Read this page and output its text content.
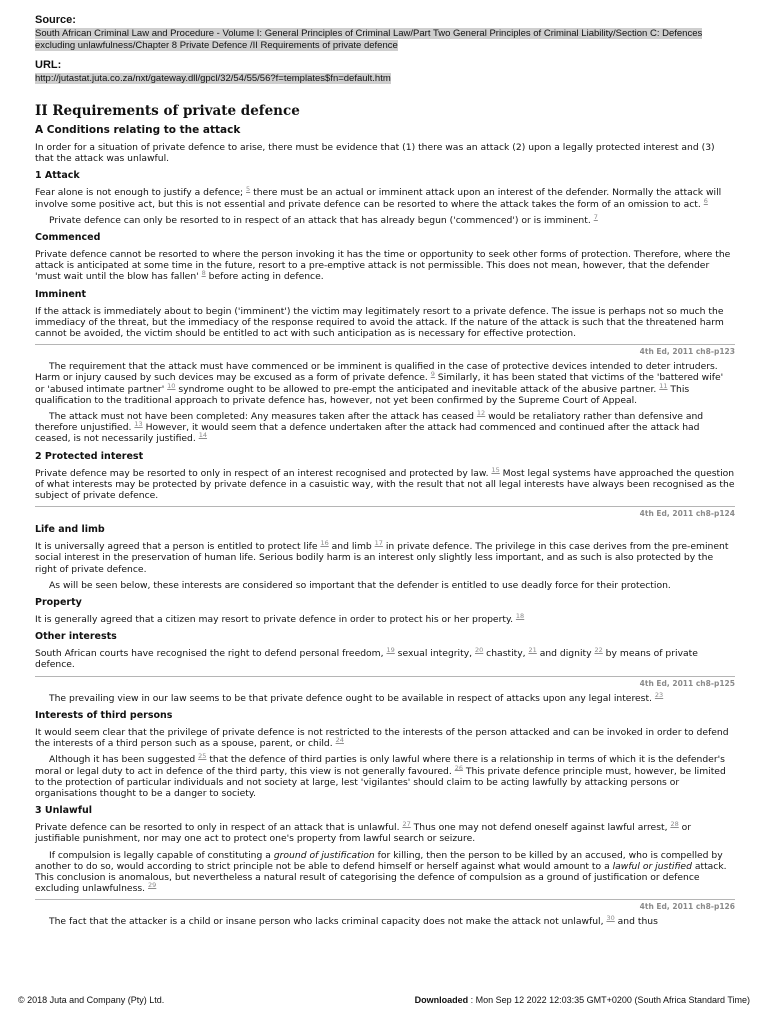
Source:
South African Criminal Law and Procedure - Volume I: General Principles of Criminal Law/Part Two General Principles of Criminal Liability/Section C: Defences
excluding unlawfulness/Chapter 8 Private Defence /II Requirements of private defence
URL:
http://jutastat.juta.co.za/nxt/gateway.dll/gpcl/32/54/55/56?f=templates$fn=default.htm
II Requirements of private defence
A Conditions relating to the attack

In order for a situation of private defence to arise, there must be evidence that (1) there was an attack (2) upon a legally protected interest and (3) that the attack was unlawful.

1 Attack

Fear alone is not enough to justify a defence; $^5$ there must be an actual or imminent attack upon an interest of the defender. Normally the attack will involve some positive act, but this is not essential and private defence can be resorted to where the attack takes the form of an omission to act. $^6$

Private defence can only be resorted to in respect of an attack that has already begun ('commenced') or is imminent. $^7$

Commenced

Private defence cannot be resorted to where the person invoking it has the time or opportunity to seek other forms of protection. Therefore, where the attack is anticipated at some time in the future, resort to a pre-emptive attack is not permissible. This does not mean, however, that the defender 'must wait until the blow has fallen' $^8$ before acting in defence.

Imminent

If the attack is immediately about to begin ('imminent') the victim may legitimately resort to a private defence. The issue is perhaps not so much the immediacy of the threat, but the immediacy of the response required to avoid the attack. If the nature of the attack is such that the threatened harm cannot be avoided, the victim should be entitled to act with such anticipation as is necessary for effective protection.

4th Ed, 2011 ch8-p123

The requirement that the attack must have commenced or be imminent is qualified in the case of protective devices intended to deter intruders. Harm or injury caused by such devices may be excused as a form of private defence. $^9$ Similarly, it has been stated that victims of the 'battered wife' or 'abused intimate partner' $^{10}$ syndrome ought to be allowed to pre-empt the anticipated and inevitable attack of the abusive partner. $^{11}$ This qualification to the traditional approach to private defence has, however, not yet been confirmed by the Supreme Court of Appeal.

The attack must not have been completed: Any measures taken after the attack has ceased $^{12}$ would be retaliatory rather than defensive and therefore unjustified. $^{13}$ However, it would seem that a defence undertaken after the attack had commenced and continued after the attack had ceased, is not necessarily justified. $^{14}$

2 Protected interest

Private defence may be resorted to only in respect of an interest recognised and protected by law. $^{15}$ Most legal systems have approached the question of what interests may be protected by private defence in a casuistic way, with the result that not all legal interests have always been recognised as the subject of private defence.

4th Ed, 2011 ch8-p124
Life and limb

It is universally agreed that a person is entitled to protect life $^{16}$ and limb $^{17}$ in private defence. The privilege in this case derives from the pre-eminent social interest in the preservation of human life. Serious bodily harm is an interest only slightly less important, and as such is also protected by the right of private defence.

As will be seen below, these interests are considered so important that the defender is entitled to use deadly force for their protection.

Property

It is generally agreed that a citizen may resort to private defence in order to protect his or her property. $^{18}$

Other interests

South African courts have recognised the right to defend personal freedom, $^{19}$ sexual integrity, $^{20}$ chastity, $^{21}$ and dignity $^{22}$ by means of private defence.

4th Ed, 2011 ch8-p125

The prevailing view in our law seems to be that private defence ought to be available in respect of attacks upon any legal interest. $^{23}$

Interests of third persons

It would seem clear that the privilege of private defence is not restricted to the interests of the person attacked and can be invoked in order to defend the interests of a third person such as a spouse, parent, or child. $^{24}$

Although it has been suggested $^{25}$ that the defence of third parties is only lawful where there is a relationship in terms of which it is the defender's moral or legal duty to act in defence of the third party, this view is not generally favoured. $^{26}$ This private defence principle must, however, be limited to the protection of particular individuals and not society at large, lest 'vigilantes' should claim to be acting lawfully by attacking persons or organisations thought to be a danger to society.

3 Unlawful

Private defence can be resorted to only in respect of an attack that is unlawful. $^{27}$ Thus one may not defend oneself against lawful arrest, $^{28}$ or justifiable punishment, nor may one act to protect one's property from lawful search or seizure.

If compulsion is legally capable of constituting a ground of justification for killing, then the person to be killed by an accused, who is compelled by another to do so, would according to strict principle not be able to defend himself or herself against what would amount to a lawful or justified attack. This conclusion is anomalous, but nevertheless a natural result of categorising the defence of compulsion as a ground of justification or defence excluding unlawfulness. $^{29}$

4th Ed, 2011 ch8-p126

The fact that the attacker is a child or insane person who lacks criminal capacity does not make the attack not unlawful, $^{30}$ and thus

© 2018 Juta and Company (Pty) Ltd.	Downloaded : Mon Sep 12 2022 12:03:35 GMT+0200 (South Africa Standard Time)
